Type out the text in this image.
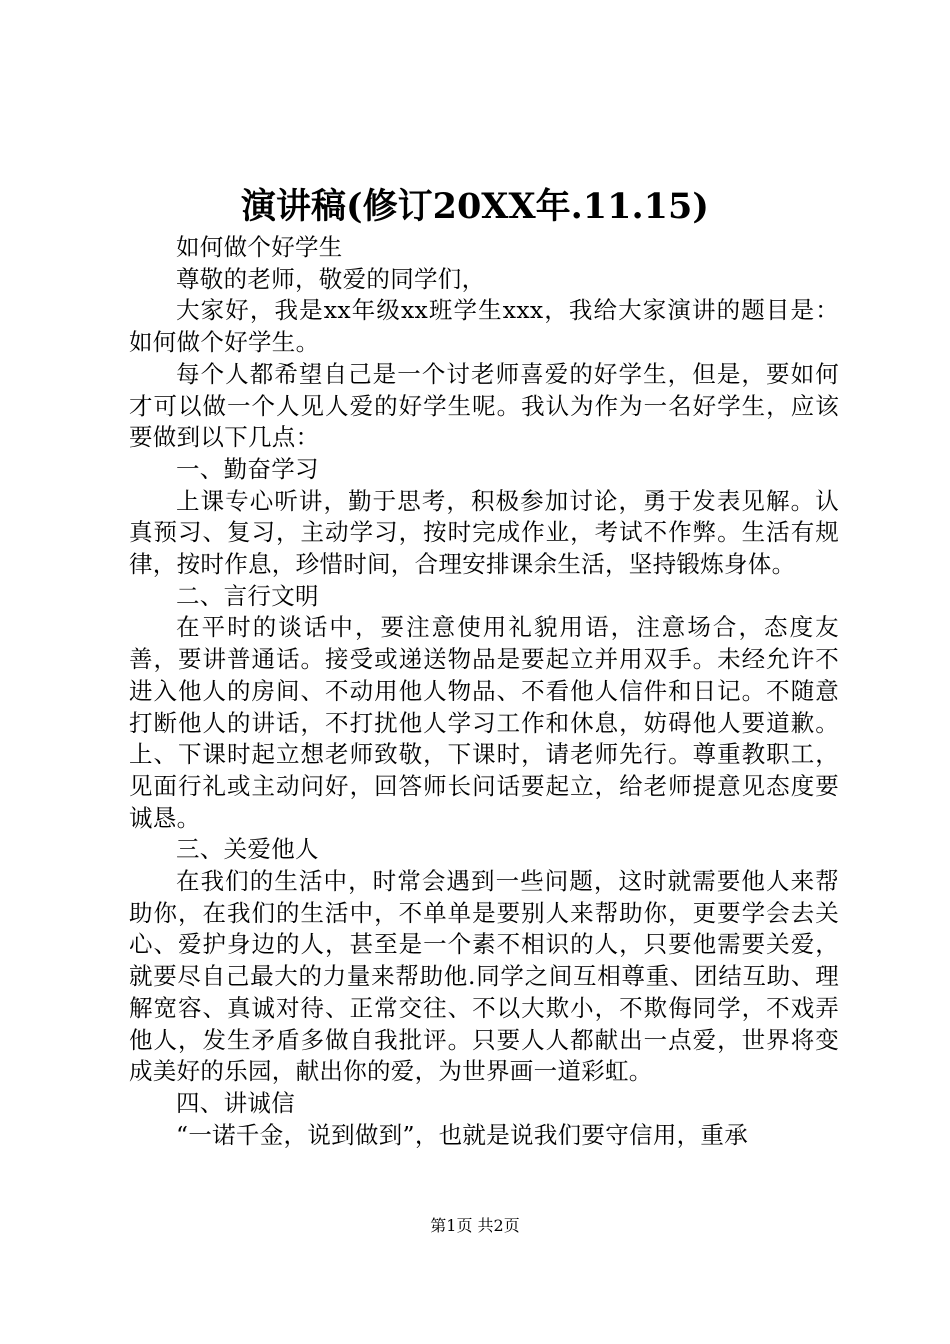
演讲稿(修订20XX年.11.15)

如何做个好学生

尊敬的老师，敬爱的同学们，

大家好，我是xx年级xx班学生xxx，我给大家演讲的题目是：如何做个好学生。

每个人都希望自己是一个讨老师喜爱的好学生，但是，要如何才可以做一个人见人爱的好学生呢。我认为作为一名好学生，应该要做到以下几点：

一、勤奋学习

上课专心听讲，勤于思考，积极参加讨论，勇于发表见解。认真预习、复习，主动学习，按时完成作业，考试不作弊。生活有规律，按时作息，珍惜时间，合理安排课余生活，坚持锻炼身体。

二、言行文明

在平时的谈话中，要注意使用礼貌用语，注意场合，态度友善，要讲普通话。接受或递送物品是要起立并用双手。未经允许不进入他人的房间、不动用他人物品、不看他人信件和日记。不随意打断他人的讲话，不打扰他人学习工作和休息，妨碍他人要道歉。上、下课时起立想老师致敬，下课时，请老师先行。尊重教职工，见面行礼或主动问好，回答师长问话要起立，给老师提意见态度要诚恳。

三、关爱他人

在我们的生活中，时常会遇到一些问题，这时就需要他人来帮助你，在我们的生活中，不单单是要别人来帮助你，更要学会去关心、爱护身边的人，甚至是一个素不相识的人，只要他需要关爱，就要尽自己最大的力量来帮助他.同学之间互相尊重、团结互助、理解宽容、真诚对待、正常交往、不以大欺小，不欺侮同学，不戏弄他人，发生矛盾多做自我批评。只要人人都献出一点爱，世界将变成美好的乐园，献出你的爱，为世界画一道彩虹。

四、讲诚信

“一诺千金，说到做到”，也就是说我们要守信用，重承

第1页 共2页
